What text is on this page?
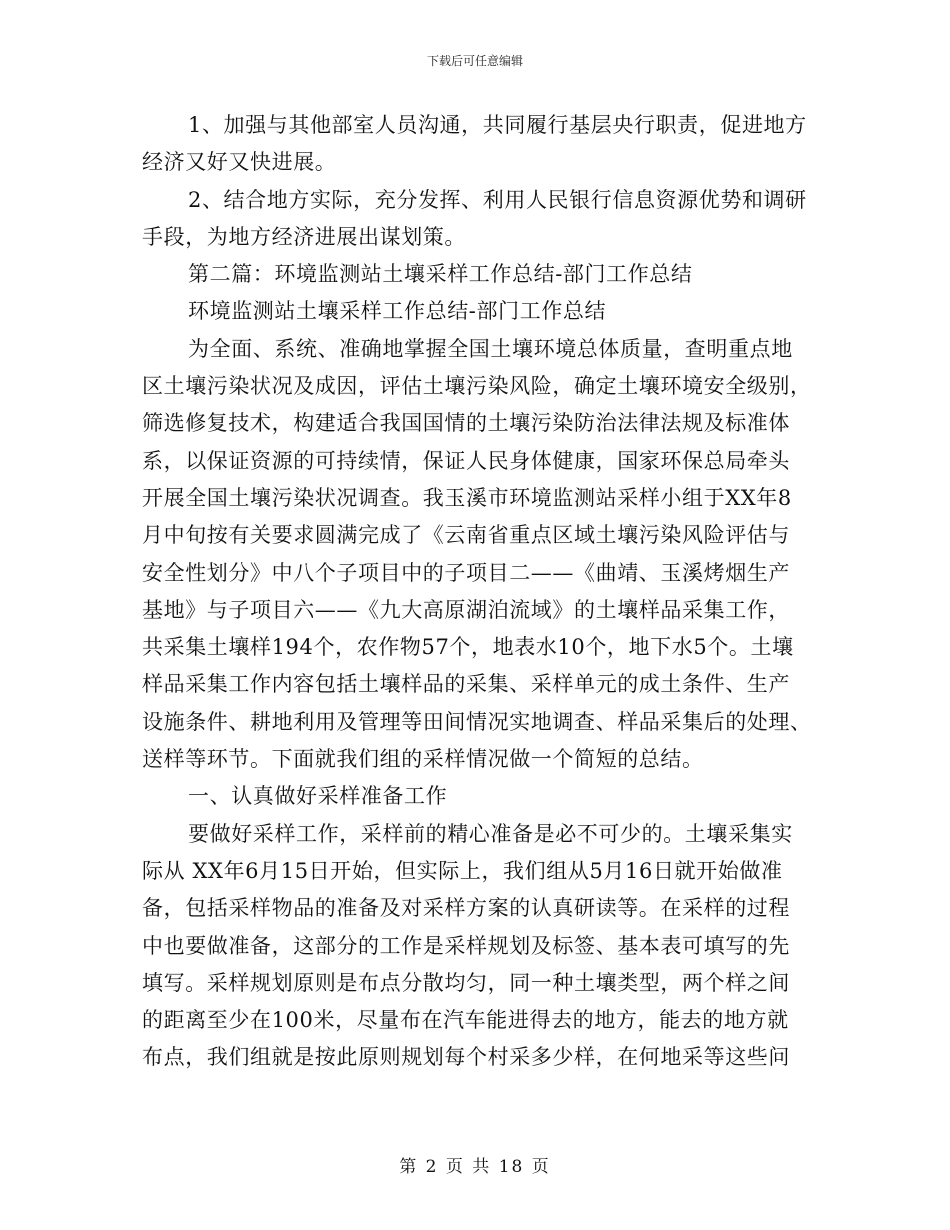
下载后可任意编辑
1、加强与其他部室人员沟通，共同履行基层央行职责，促进地方
经济又好又快进展。
2、结合地方实际，充分发挥、利用人民银行信息资源优势和调研
手段，为地方经济进展出谋划策。
第二篇：环境监测站土壤采样工作总结-部门工作总结
环境监测站土壤采样工作总结-部门工作总结
为全面、系统、准确地掌握全国土壤环境总体质量，查明重点地
区土壤污染状况及成因，评估土壤污染风险，确定土壤环境安全级别，
筛选修复技术，构建适合我国国情的土壤污染防治法律法规及标准体
系，以保证资源的可持续情，保证人民身体健康，国家环保总局牵头
开展全国土壤污染状况调查。我玉溪市环境监测站采样小组于XX年8
月中旬按有关要求圆满完成了《云南省重点区域土壤污染风险评估与
安全性划分》中八个子项目中的子项目二——《曲靖、玉溪烤烟生产
基地》与子项目六——《九大高原湖泊流域》的土壤样品采集工作，
共采集土壤样194个，农作物57个，地表水10个，地下水5个。土壤
样品采集工作内容包括土壤样品的采集、采样单元的成土条件、生产
设施条件、耕地利用及管理等田间情况实地调查、样品采集后的处理、
送样等环节。下面就我们组的采样情况做一个简短的总结。
一、认真做好采样准备工作
要做好采样工作，采样前的精心准备是必不可少的。土壤采集实
际从 XX年6月15日开始，但实际上，我们组从5月16日就开始做准
备，包括采样物品的准备及对采样方案的认真研读等。在采样的过程
中也要做准备，这部分的工作是采样规划及标签、基本表可填写的先
填写。采样规划原则是布点分散均匀，同一种土壤类型，两个样之间
的距离至少在100米，尽量布在汽车能进得去的地方，能去的地方就
布点，我们组就是按此原则规划每个村采多少样，在何地采等这些问
第 2 页 共 18 页
